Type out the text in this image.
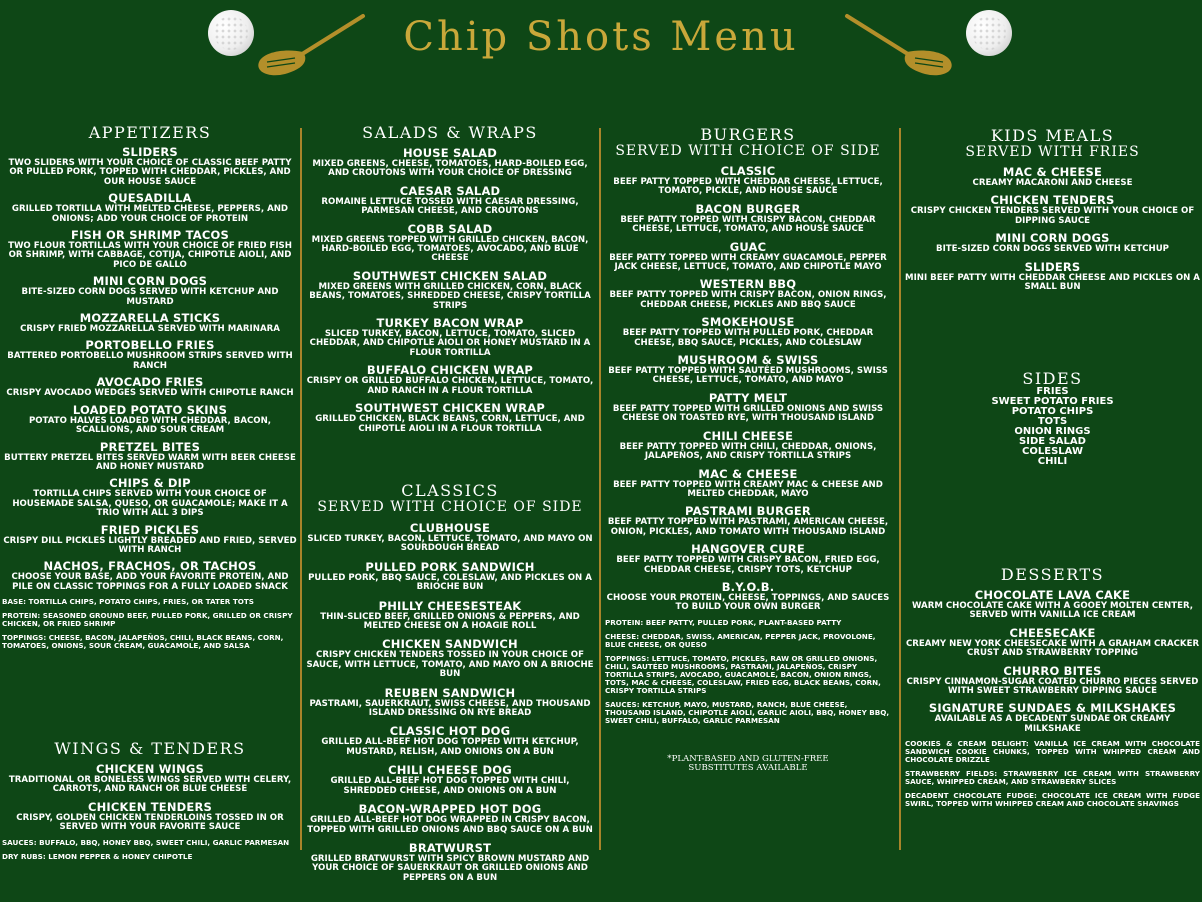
Chip Shots Menu
APPETIZERS
SLIDERS
TWO SLIDERS WITH YOUR CHOICE OF CLASSIC BEEF PATTY OR PULLED PORK, TOPPED WITH CHEDDAR, PICKLES, AND OUR HOUSE SAUCE
QUESADILLA
GRILLED TORTILLA WITH MELTED CHEESE, PEPPERS, AND ONIONS; ADD YOUR CHOICE OF PROTEIN
FISH OR SHRIMP TACOS
TWO FLOUR TORTILLAS WITH YOUR CHOICE OF FRIED FISH OR SHRIMP, WITH CABBAGE, COTIJA, CHIPOTLE AIOLI, AND PICO DE GALLO
MINI CORN DOGS
BITE-SIZED CORN DOGS SERVED WITH KETCHUP AND MUSTARD
MOZZARELLA STICKS
CRISPY FRIED MOZZARELLA SERVED WITH MARINARA
PORTOBELLO FRIES
BATTERED PORTOBELLO MUSHROOM STRIPS SERVED WITH RANCH
AVOCADO FRIES
CRISPY AVOCADO WEDGES SERVED WITH CHIPOTLE RANCH
LOADED POTATO SKINS
POTATO HALVES LOADED WITH CHEDDAR, BACON, SCALLIONS, AND SOUR CREAM
PRETZEL BITES
BUTTERY PRETZEL BITES SERVED WARM WITH BEER CHEESE AND HONEY MUSTARD
CHIPS & DIP
TORTILLA CHIPS SERVED WITH YOUR CHOICE OF HOUSEMADE SALSA, QUESO, OR GUACAMOLE; MAKE IT A TRIO WITH ALL 3 DIPS
FRIED PICKLES
CRISPY DILL PICKLES LIGHTLY BREADED AND FRIED, SERVED WITH RANCH
NACHOS, FRACHOS, OR TACHOS
CHOOSE YOUR BASE, ADD YOUR FAVORITE PROTEIN, AND PILE ON CLASSIC TOPPINGS FOR A FULLY LOADED SNACK
BASE: TORTILLA CHIPS, POTATO CHIPS, FRIES, OR TATER TOTS
PROTEIN: SEASONED GROUND BEEF, PULLED PORK, GRILLED OR CRISPY CHICKEN, OR FRIED SHRIMP
TOPPINGS: CHEESE, BACON, JALAPEÑOS, CHILI, BLACK BEANS, CORN, TOMATOES, ONIONS, SOUR CREAM, GUACAMOLE, AND SALSA
WINGS & TENDERS
CHICKEN WINGS
TRADITIONAL OR BONELESS WINGS SERVED WITH CELERY, CARROTS, AND RANCH OR BLUE CHEESE
CHICKEN TENDERS
CRISPY, GOLDEN CHICKEN TENDERLOINS TOSSED IN OR SERVED WITH YOUR FAVORITE SAUCE
SAUCES: BUFFALO, BBQ, HONEY BBQ, SWEET CHILI, GARLIC PARMESAN
DRY RUBS: LEMON PEPPER & HONEY CHIPOTLE
SALADS & WRAPS
HOUSE SALAD
MIXED GREENS, CHEESE, TOMATOES, HARD-BOILED EGG, AND CROUTONS WITH YOUR CHOICE OF DRESSING
CAESAR SALAD
ROMAINE LETTUCE TOSSED WITH CAESAR DRESSING, PARMESAN CHEESE, AND CROUTONS
COBB SALAD
MIXED GREENS TOPPED WITH GRILLED CHICKEN, BACON, HARD-BOILED EGG, TOMATOES, AVOCADO, AND BLUE CHEESE
SOUTHWEST CHICKEN SALAD
MIXED GREENS WITH GRILLED CHICKEN, CORN, BLACK BEANS, TOMATOES, SHREDDED CHEESE, CRISPY TORTILLA STRIPS
TURKEY BACON WRAP
SLICED TURKEY, BACON, LETTUCE, TOMATO, SLICED CHEDDAR, AND CHIPOTLE AIOLI OR HONEY MUSTARD IN A FLOUR TORTILLA
BUFFALO CHICKEN WRAP
CRISPY OR GRILLED BUFFALO CHICKEN, LETTUCE, TOMATO, AND RANCH IN A FLOUR TORTILLA
SOUTHWEST CHICKEN WRAP
GRILLED CHICKEN, BLACK BEANS, CORN, LETTUCE, AND CHIPOTLE AIOLI IN A FLOUR TORTILLA
CLASSICS
SERVED WITH CHOICE OF SIDE
CLUBHOUSE
SLICED TURKEY, BACON, LETTUCE, TOMATO, AND MAYO ON SOURDOUGH BREAD
PULLED PORK SANDWICH
PULLED PORK, BBQ SAUCE, COLESLAW, AND PICKLES ON A BRIOCHE BUN
PHILLY CHEESESTEAK
THIN-SLICED BEEF, GRILLED ONIONS & PEPPERS, AND MELTED CHEESE ON A HOAGIE ROLL
CHICKEN SANDWICH
CRISPY CHICKEN TENDERS TOSSED IN YOUR CHOICE OF SAUCE, WITH LETTUCE, TOMATO, AND MAYO ON A BRIOCHE BUN
REUBEN SANDWICH
PASTRAMI, SAUERKRAUT, SWISS CHEESE, AND THOUSAND ISLAND DRESSING ON RYE BREAD
CLASSIC HOT DOG
GRILLED ALL-BEEF HOT DOG TOPPED WITH KETCHUP, MUSTARD, RELISH, AND ONIONS ON A BUN
CHILI CHEESE DOG
GRILLED ALL-BEEF HOT DOG TOPPED WITH CHILI, SHREDDED CHEESE, AND ONIONS ON A BUN
BACON-WRAPPED HOT DOG
GRILLED ALL-BEEF HOT DOG WRAPPED IN CRISPY BACON, TOPPED WITH GRILLED ONIONS AND BBQ SAUCE ON A BUN
BRATWURST
GRILLED BRATWURST WITH SPICY BROWN MUSTARD AND YOUR CHOICE OF SAUERKRAUT OR GRILLED ONIONS AND PEPPERS ON A BUN
BURGERS
SERVED WITH CHOICE OF SIDE
CLASSIC
BEEF PATTY TOPPED WITH CHEDDAR CHEESE, LETTUCE, TOMATO, PICKLE, AND HOUSE SAUCE
BACON BURGER
BEEF PATTY TOPPED WITH CRISPY BACON, CHEDDAR CHEESE, LETTUCE, TOMATO, AND HOUSE SAUCE
GUAC
BEEF PATTY TOPPED WITH CREAMY GUACAMOLE, PEPPER JACK CHEESE, LETTUCE, TOMATO, AND CHIPOTLE MAYO
WESTERN BBQ
BEEF PATTY TOPPED WITH CRISPY BACON, ONION RINGS, CHEDDAR CHEESE, PICKLES AND BBQ SAUCE
SMOKEHOUSE
BEEF PATTY TOPPED WITH PULLED PORK, CHEDDAR CHEESE, BBQ SAUCE, PICKLES, AND COLESLAW
MUSHROOM & SWISS
BEEF PATTY TOPPED WITH SAUTÉED MUSHROOMS, SWISS CHEESE, LETTUCE, TOMATO, AND MAYO
PATTY MELT
BEEF PATTY TOPPED WITH GRILLED ONIONS AND SWISS CHEESE ON TOASTED RYE, WITH THOUSAND ISLAND
CHILI CHEESE
BEEF PATTY TOPPED WITH CHILI, CHEDDAR, ONIONS, JALAPEÑOS, AND CRISPY TORTILLA STRIPS
MAC & CHEESE
BEEF PATTY TOPPED WITH CREAMY MAC & CHEESE AND MELTED CHEDDAR, MAYO
PASTRAMI BURGER
BEEF PATTY TOPPED WITH PASTRAMI, AMERICAN CHEESE, ONION, PICKLES, AND TOMATO WITH THOUSAND ISLAND
HANGOVER CURE
BEEF PATTY TOPPED WITH CRISPY BACON, FRIED EGG, CHEDDAR CHEESE, CRISPY TOTS, KETCHUP
B.Y.O.B.
CHOOSE YOUR PROTEIN, CHEESE, TOPPINGS, AND SAUCES TO BUILD YOUR OWN BURGER
PROTEIN: BEEF PATTY, PULLED PORK, PLANT-BASED PATTY
CHEESE: CHEDDAR, SWISS, AMERICAN, PEPPER JACK, PROVOLONE, BLUE CHEESE, OR QUESO
TOPPINGS: LETTUCE, TOMATO, PICKLES, RAW OR GRILLED ONIONS, CHILI, SAUTÉED MUSHROOMS, PASTRAMI, JALAPEÑOS, CRISPY TORTILLA STRIPS, AVOCADO, GUACAMOLE, BACON, ONION RINGS, TOTS, MAC & CHEESE, COLESLAW, FRIED EGG, BLACK BEANS, CORN, CRISPY TORTILLA STRIPS
SAUCES: KETCHUP, MAYO, MUSTARD, RANCH, BLUE CHEESE, THOUSAND ISLAND, CHIPOTLE AIOLI, GARLIC AIOLI, BBQ, HONEY BBQ, SWEET CHILI, BUFFALO, GARLIC PARMESAN
*PLANT-BASED AND GLUTEN-FREE SUBSTITUTES AVAILABLE
KIDS MEALS
SERVED WITH FRIES
MAC & CHEESE
CREAMY MACARONI AND CHEESE
CHICKEN TENDERS
CRISPY CHICKEN TENDERS SERVED WITH YOUR CHOICE OF DIPPING SAUCE
MINI CORN DOGS
BITE-SIZED CORN DOGS SERVED WITH KETCHUP
SLIDERS
MINI BEEF PATTY WITH CHEDDAR CHEESE AND PICKLES ON A SMALL BUN
SIDES
FRIES
SWEET POTATO FRIES
POTATO CHIPS
TOTS
ONION RINGS
SIDE SALAD
COLESLAW
CHILI
DESSERTS
CHOCOLATE LAVA CAKE
WARM CHOCOLATE CAKE WITH A GOOEY MOLTEN CENTER, SERVED WITH VANILLA ICE CREAM
CHEESECAKE
CREAMY NEW YORK CHEESECAKE WITH A GRAHAM CRACKER CRUST AND STRAWBERRY TOPPING
CHURRO BITES
CRISPY CINNAMON-SUGAR COATED CHURRO PIECES SERVED WITH SWEET STRAWBERRY DIPPING SAUCE
SIGNATURE SUNDAES & MILKSHAKES
AVAILABLE AS A DECADENT SUNDAE OR CREAMY MILKSHAKE
COOKIES & CREAM DELIGHT: VANILLA ICE CREAM WITH CHOCOLATE SANDWICH COOKIE CHUNKS, TOPPED WITH WHIPPED CREAM AND CHOCOLATE DRIZZLE
STRAWBERRY FIELDS: STRAWBERRY ICE CREAM WITH STRAWBERRY SAUCE, WHIPPED CREAM, AND STRAWBERRY SLICES
DECADENT CHOCOLATE FUDGE: CHOCOLATE ICE CREAM WITH FUDGE SWIRL, TOPPED WITH WHIPPED CREAM AND CHOCOLATE SHAVINGS
